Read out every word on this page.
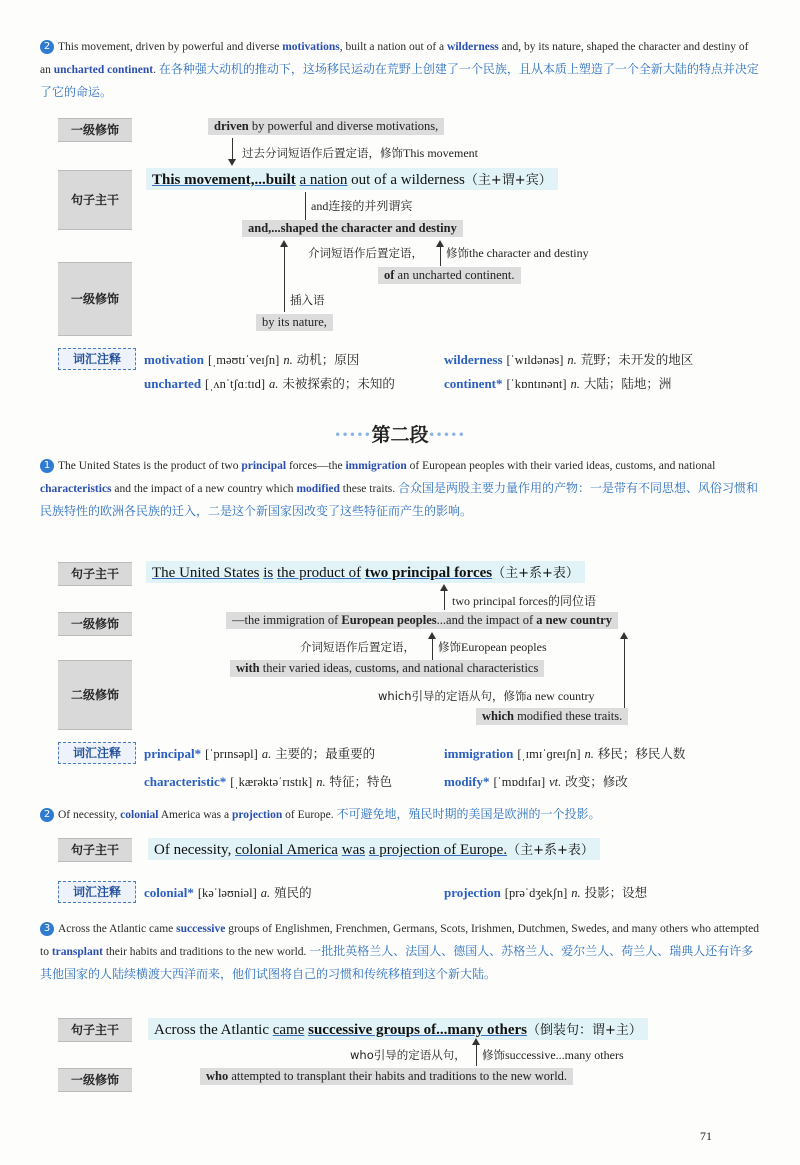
2 This movement, driven by powerful and diverse motivations, built a nation out of a wilderness and, by its nature, shaped the character and destiny of an uncharted continent. 在各种强大动机的推动下，这场移民运动在荒野上创建了一个民族，且从本质上塑造了一个全新大陆的特点并决定了它的命运。
一级修饰
句子主干
一级修饰
driven by powerful and diverse motivations,
过去分词短语作后置定语，修饰This movement
This movement,...built a nation out of a wilderness（主+谓+宾）
and连接的并列谓宾
and,...shaped the character and destiny
介词短语作后置定语， 修饰the character and destiny
of an uncharted continent.
插入语
by its nature,
词汇注释	motivation [ˌməʊtɪˈveɪʃn] n. 动机；原因	wilderness [ˈwɪldənəs] n. 荒野；未开发的地区
uncharted [ˌʌnˈtʃɑːtɪd] a. 未被探索的；未知的	continent* [ˈkɒntɪnənt] n. 大陆；陆地；洲
•••••第二段•••••
1 The United States is the product of two principal forces—the immigration of European peoples with their varied ideas, customs, and national characteristics and the impact of a new country which modified these traits. 合众国是两股主要力量作用的产物：一是带有不同思想、风俗习惯和民族特性的欧洲各民族的迁入，二是这个新国家因改变了这些特征而产生的影响。
句子主干
一级修饰
二级修饰
The United States is the product of two principal forces（主+系+表）
two principal forces的同位语
—the immigration of European peoples...and the impact of a new country
介词短语作后置定语， 修饰European peoples
with their varied ideas, customs, and national characteristics
which引导的定语从句，修饰a new country
which modified these traits.
词汇注释	principal* [ˈprɪnsəpl] a. 主要的；最重要的	immigration [ˌɪmɪˈɡreɪʃn] n. 移民；移民人数
characteristic* [ˌkærəktəˈrɪstɪk] n. 特征；特色	modify* [ˈmɒdɪfaɪ] vt. 改变；修改
2 Of necessity, colonial America was a projection of Europe. 不可避免地，殖民时期的美国是欧洲的一个投影。
句子主干	Of necessity, colonial America was a projection of Europe.（主+系+表）
词汇注释	colonial* [kəˈləʊniəl] a. 殖民的	projection [prəˈdʒekʃn] n. 投影；设想
3 Across the Atlantic came successive groups of Englishmen, Frenchmen, Germans, Scots, Irishmen, Dutchmen, Swedes, and many others who attempted to transplant their habits and traditions to the new world. 一批批英格兰人、法国人、德国人、苏格兰人、爱尔兰人、荷兰人、瑞典人还有许多其他国家的人陆续横渡大西洋而来，他们试图将自己的习惯和传统移植到这个新大陆。
句子主干
一级修饰
Across the Atlantic came successive groups of...many others（倒装句：谓+主）
who引导的定语从句， 修饰successive...many others
who attempted to transplant their habits and traditions to the new world.
71
